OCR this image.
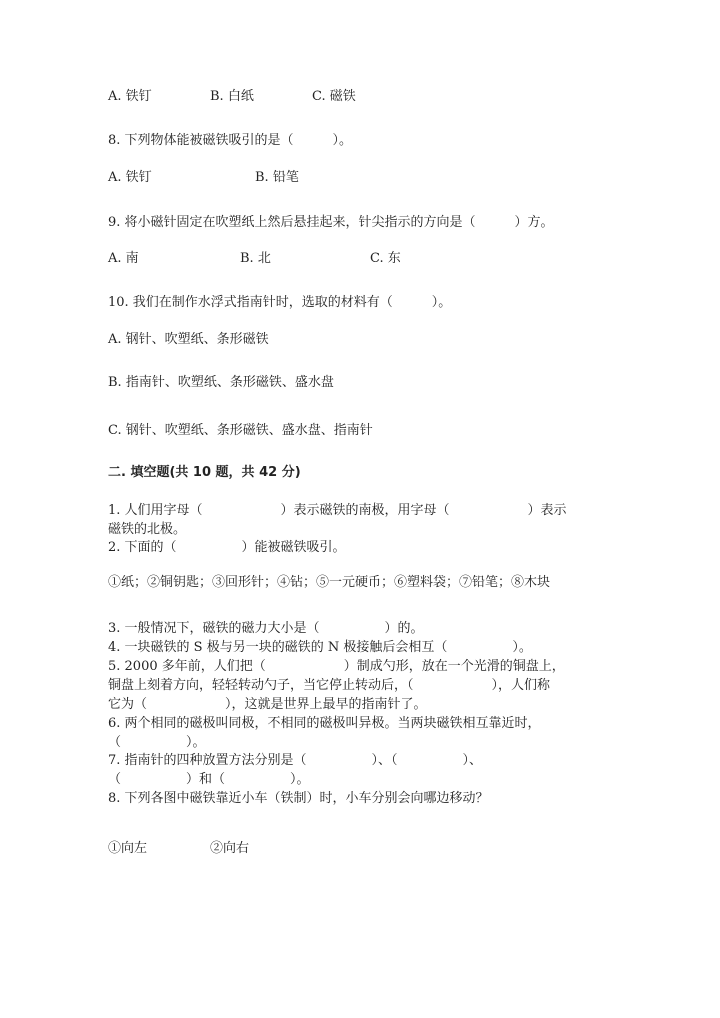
A. 铁钉	B. 白纸	C. 磁铁
8. 下列物体能被磁铁吸引的是（　　　）。
A. 铁钉	B. 铅笔
9. 将小磁针固定在吹塑纸上然后悬挂起来，针尖指示的方向是（　　　）方。
A. 南	B. 北	C. 东
10. 我们在制作水浮式指南针时，选取的材料有（　　　）。
A. 钢针、吹塑纸、条形磁铁
B. 指南针、吹塑纸、条形磁铁、盛水盘
C. 钢针、吹塑纸、条形磁铁、盛水盘、指南针
二. 填空题(共 10 题，共 42 分)
1. 人们用字母（　　　　　　）表示磁铁的南极，用字母（　　　　　　）表示
磁铁的北极。
2. 下面的（　　　　　）能被磁铁吸引。
①纸；②铜钥匙；③回形针；④钻；⑤一元硬币；⑥塑料袋；⑦铅笔；⑧木块
3. 一般情况下，磁铁的磁力大小是（　　　　　）的。
4. 一块磁铁的 S 极与另一块的磁铁的 N 极接触后会相互（　　　　　）。
5. 2000 多年前，人们把（　　　　　　）制成勺形，放在一个光滑的铜盘上，
铜盘上刻着方向，轻轻转动勺子，当它停止转动后，（　　　　　　），人们称
它为（　　　　　　），这就是世界上最早的指南针了。
6. 两个相同的磁极叫同极，不相同的磁极叫异极。当两块磁铁相互靠近时，
（　　　　　）。
7. 指南针的四种放置方法分别是（　　　　　）、（　　　　　）、
（　　　　　）和（　　　　　）。
8. 下列各图中磁铁靠近小车（铁制）时，小车分别会向哪边移动？
①向左	②向右
